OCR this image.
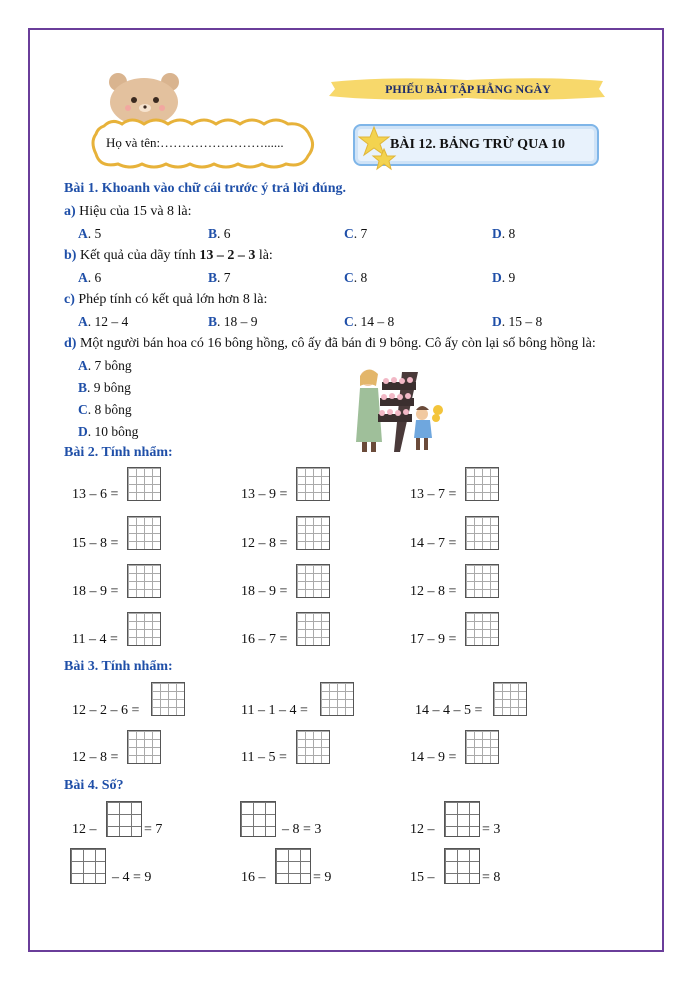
Họ và tên:……………………......
PHIẾU BÀI TẬP HẰNG NGÀY
BÀI 12. BẢNG TRỪ QUA 10
Bài 1. Khoanh vào chữ cái trước ý trả lời đúng.
a) Hiệu của 15 và 8 là:
A. 5	B. 6	C. 7	D. 8
b) Kết quả của dãy tính 13 – 2 – 3 là:
A. 6	B. 7	C. 8	D. 9
c) Phép tính có kết quả lớn hơn 8 là:
A. 12 – 4	B. 18 – 9	C. 14 – 8	D. 15 – 8
d) Một người bán hoa có 16 bông hồng, cô ấy đã bán đi 9 bông. Cô ấy còn lại số bông hồng là:
A. 7 bông
B. 9 bông
C. 8 bông
D. 10 bông
Bài 2. Tính nhẩm:
13 – 6 =	13 – 9 =	13 – 7 =
15 – 8 =	12 – 8 =	14 – 7 =
18 – 9 =	18 – 9 =	12 – 8 =
11 – 4 =	16 – 7 =	17 – 9 =
Bài 3. Tính nhẩm:
12 – 2 – 6 =	11 – 1 – 4 =	14 – 4 – 5 =
12 – 8 =	11 – 5 =	14 – 9 =
Bài 4. Số?
12 –	= 7	– 8 = 3	12 –	= 3
– 4 = 9	16 –	= 9	15 –	= 8
